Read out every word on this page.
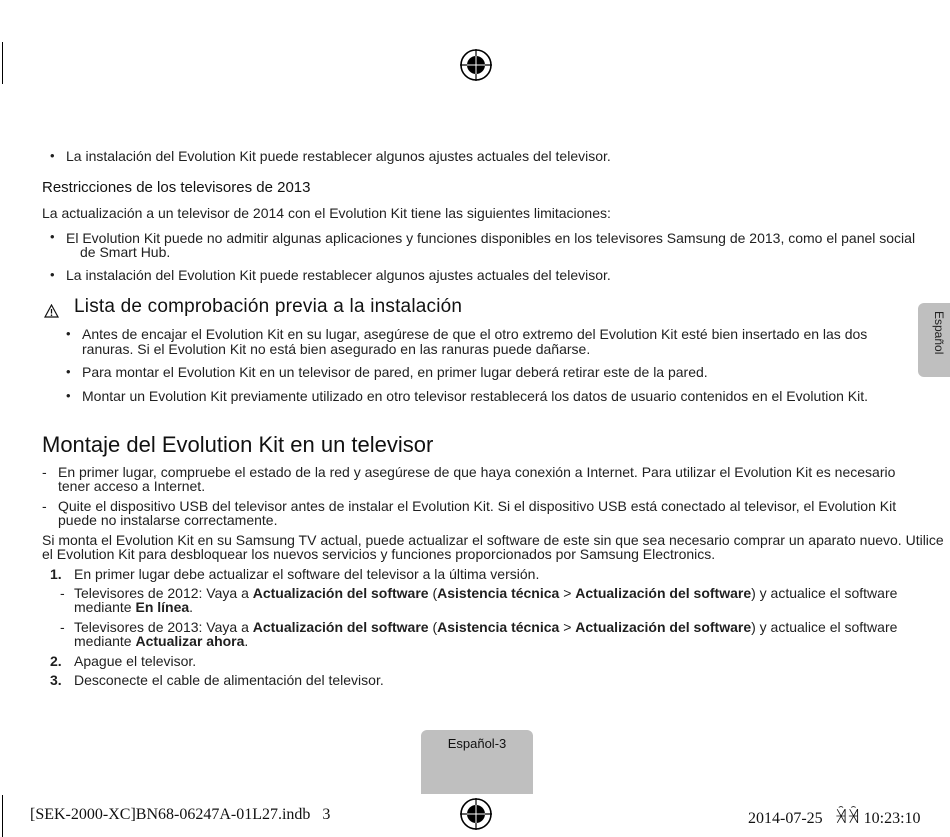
• La instalación del Evolution Kit puede restablecer algunos ajustes actuales del televisor.
Restricciones de los televisores de 2013
La actualización a un televisor de 2014 con el Evolution Kit tiene las siguientes limitaciones:
• El Evolution Kit puede no admitir algunas aplicaciones y funciones disponibles en los televisores Samsung de 2013, como el panel social
de Smart Hub.
• La instalación del Evolution Kit puede restablecer algunos ajustes actuales del televisor.
Lista de comprobación previa a la instalación
• Antes de encajar el Evolution Kit en su lugar, asegúrese de que el otro extremo del Evolution Kit esté bien insertado en las dos
ranuras. Si el Evolution Kit no está bien asegurado en las ranuras puede dañarse.
• Para montar el Evolution Kit en un televisor de pared, en primer lugar deberá retirar este de la pared.
• Montar un Evolution Kit previamente utilizado en otro televisor restablecerá los datos de usuario contenidos en el Evolution Kit.
Español
Montaje del Evolution Kit en un televisor
- En primer lugar, compruebe el estado de la red y asegúrese de que haya conexión a Internet. Para utilizar el Evolution Kit es necesario
tener acceso a Internet.
- Quite el dispositivo USB del televisor antes de instalar el Evolution Kit. Si el dispositivo USB está conectado al televisor, el Evolution Kit
puede no instalarse correctamente.
Si monta el Evolution Kit en su Samsung TV actual, puede actualizar el software de este sin que sea necesario comprar un aparato nuevo. Utilice
el Evolution Kit para desbloquear los nuevos servicios y funciones proporcionados por Samsung Electronics.
1. En primer lugar debe actualizar el software del televisor a la última versión.
- Televisores de 2012: Vaya a Actualización del software (Asistencia técnica > Actualización del software) y actualice el software
mediante En línea.
- Televisores de 2013: Vaya a Actualización del software (Asistencia técnica > Actualización del software) y actualice el software
mediante Actualizar ahora.
2. Apague el televisor.
3. Desconecte el cable de alimentación del televisor.
Español-3
[SEK-2000-XC]BN68-06247A-01L27.indb   3	2014-07-25   ꈀꈀ 10:23:10
